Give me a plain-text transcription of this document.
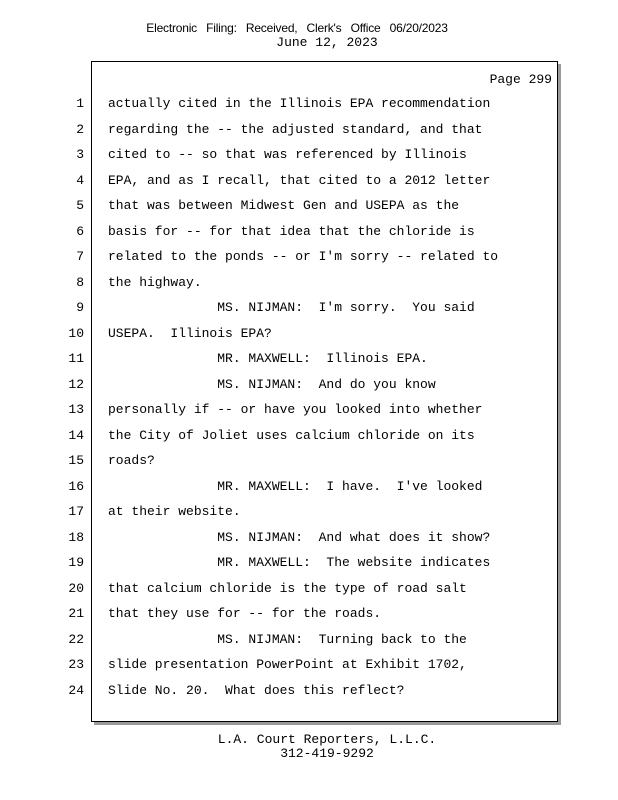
Electronic Filing: Received, Clerk's Office 06/20/2023
June 12, 2023
Page 299
1 actually cited in the Illinois EPA recommendation
2 regarding the -- the adjusted standard, and that
3 cited to -- so that was referenced by Illinois
4 EPA, and as I recall, that cited to a 2012 letter
5 that was between Midwest Gen and USEPA as the
6 basis for -- for that idea that the chloride is
7 related to the ponds -- or I'm sorry -- related to
8 the highway.
9 MS. NIJMAN:  I'm sorry.  You said
10 USEPA.  Illinois EPA?
11 MR. MAXWELL:  Illinois EPA.
12 MS. NIJMAN:  And do you know
13 personally if -- or have you looked into whether
14 the City of Joliet uses calcium chloride on its
15 roads?
16 MR. MAXWELL:  I have.  I've looked
17 at their website.
18 MS. NIJMAN:  And what does it show?
19 MR. MAXWELL:  The website indicates
20 that calcium chloride is the type of road salt
21 that they use for -- for the roads.
22 MS. NIJMAN:  Turning back to the
23 slide presentation PowerPoint at Exhibit 1702,
24 Slide No. 20.  What does this reflect?
L.A. Court Reporters, L.L.C.
312-419-9292
